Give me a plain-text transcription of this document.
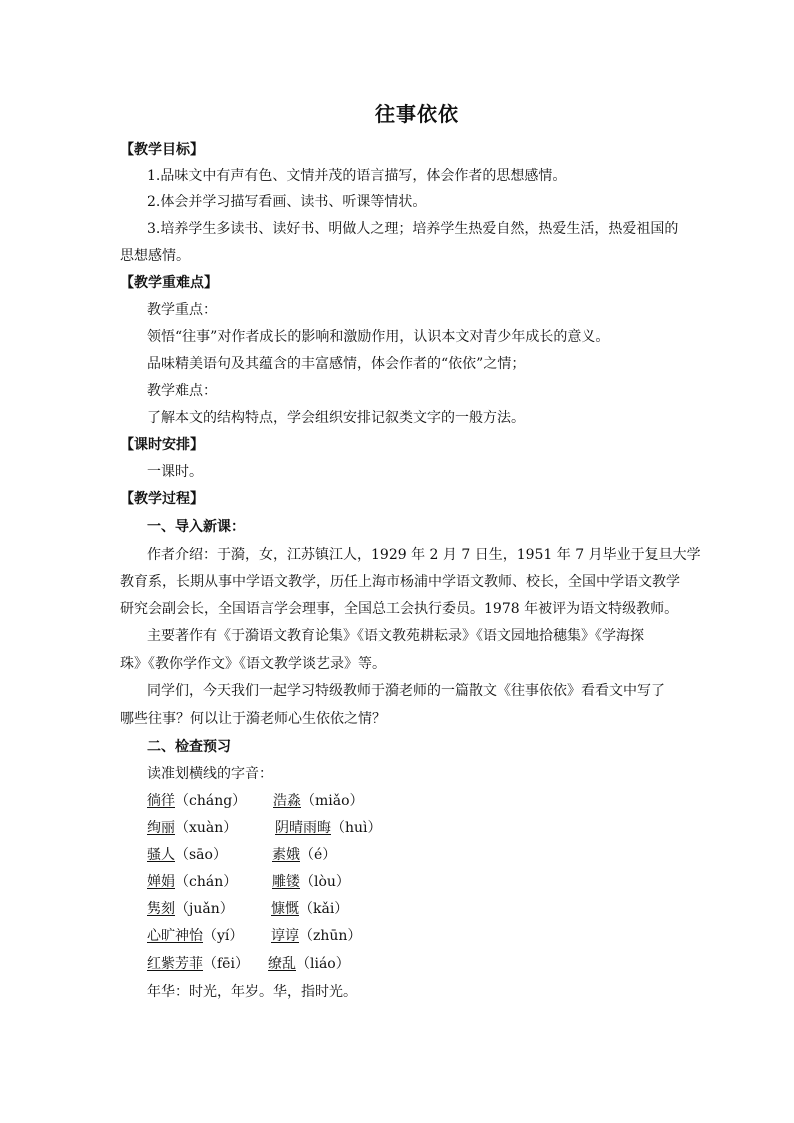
往事依依
【教学目标】
1.品味文中有声有色、文情并茂的语言描写，体会作者的思想感情。
2.体会并学习描写看画、读书、听课等情状。
3.培养学生多读书、读好书、明做人之理；培养学生热爱自然，热爱生活，热爱祖国的
思想感情。
【教学重难点】
教学重点：
领悟“往事”对作者成长的影响和激励作用，认识本文对青少年成长的意义。
品味精美语句及其蕴含的丰富感情，体会作者的“依依”之情；
教学难点：
了解本文的结构特点，学会组织安排记叙类文字的一般方法。
【课时安排】
一课时。
【教学过程】
一、导入新课：
作者介绍：于漪，女，江苏镇江人，1929 年 2 月 7 日生，1951 年 7 月毕业于复旦大学
教育系，长期从事中学语文教学，历任上海市杨浦中学语文教师、校长，全国中学语文教学
研究会副会长，全国语言学会理事，全国总工会执行委员。1978 年被评为语文特级教师。
主要著作有《于漪语文教育论集》《语文教苑耕耘录》《语文园地拾穗集》《学海探
珠》《教你学作文》《语文教学谈艺录》等。
同学们，今天我们一起学习特级教师于漪老师的一篇散文《往事依依》看看文中写了
哪些往事？何以让于漪老师心生依依之情？
二、检查预习
读准划横线的字音：
徜徉 （cháng） 浩淼 （miǎo）
绚丽 （xuàn）	阴晴雨晦 （huì）
骚人 （sāo）	素娥 （é）
婵娟 （chán） 雕镂 （lòu）
隽刻 （juǎn）	慷慨 （kǎi）
心旷神怡 （yí） 谆谆 （zhūn）
红紫芳菲 （fēi） 缭乱 （liáo）
年华：时光，年岁。华，指时光。
